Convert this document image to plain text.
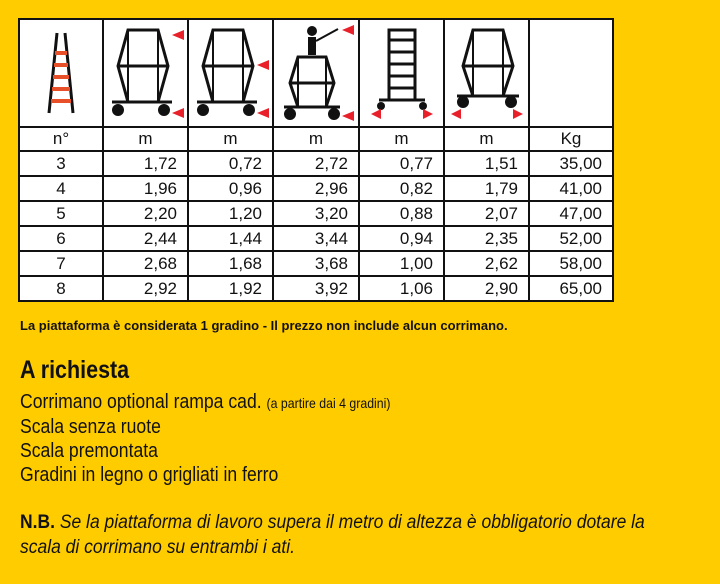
n°	m	m	m	m	m	Kg
3	1,72	0,72	2,72	0,77	1,51	35,00
4	1,96	0,96	2,96	0,82	1,79	41,00
5	2,20	1,20	3,20	0,88	2,07	47,00
6	2,44	1,44	3,44	0,94	2,35	52,00
7	2,68	1,68	3,68	1,00	2,62	58,00
8	2,92	1,92	3,92	1,06	2,90	65,00
La piattaforma è considerata 1 gradino - Il prezzo non include alcun corrimano.
A richiesta
Corrimano optional rampa cad. (a partire dai 4 gradini)
Scala senza ruote
Scala premontata
Gradini in legno o grigliati in ferro
N.B. Se la piattaforma di lavoro supera il metro di altezza è obbligatorio dotare la scala di corrimano su entrambi i ati.
